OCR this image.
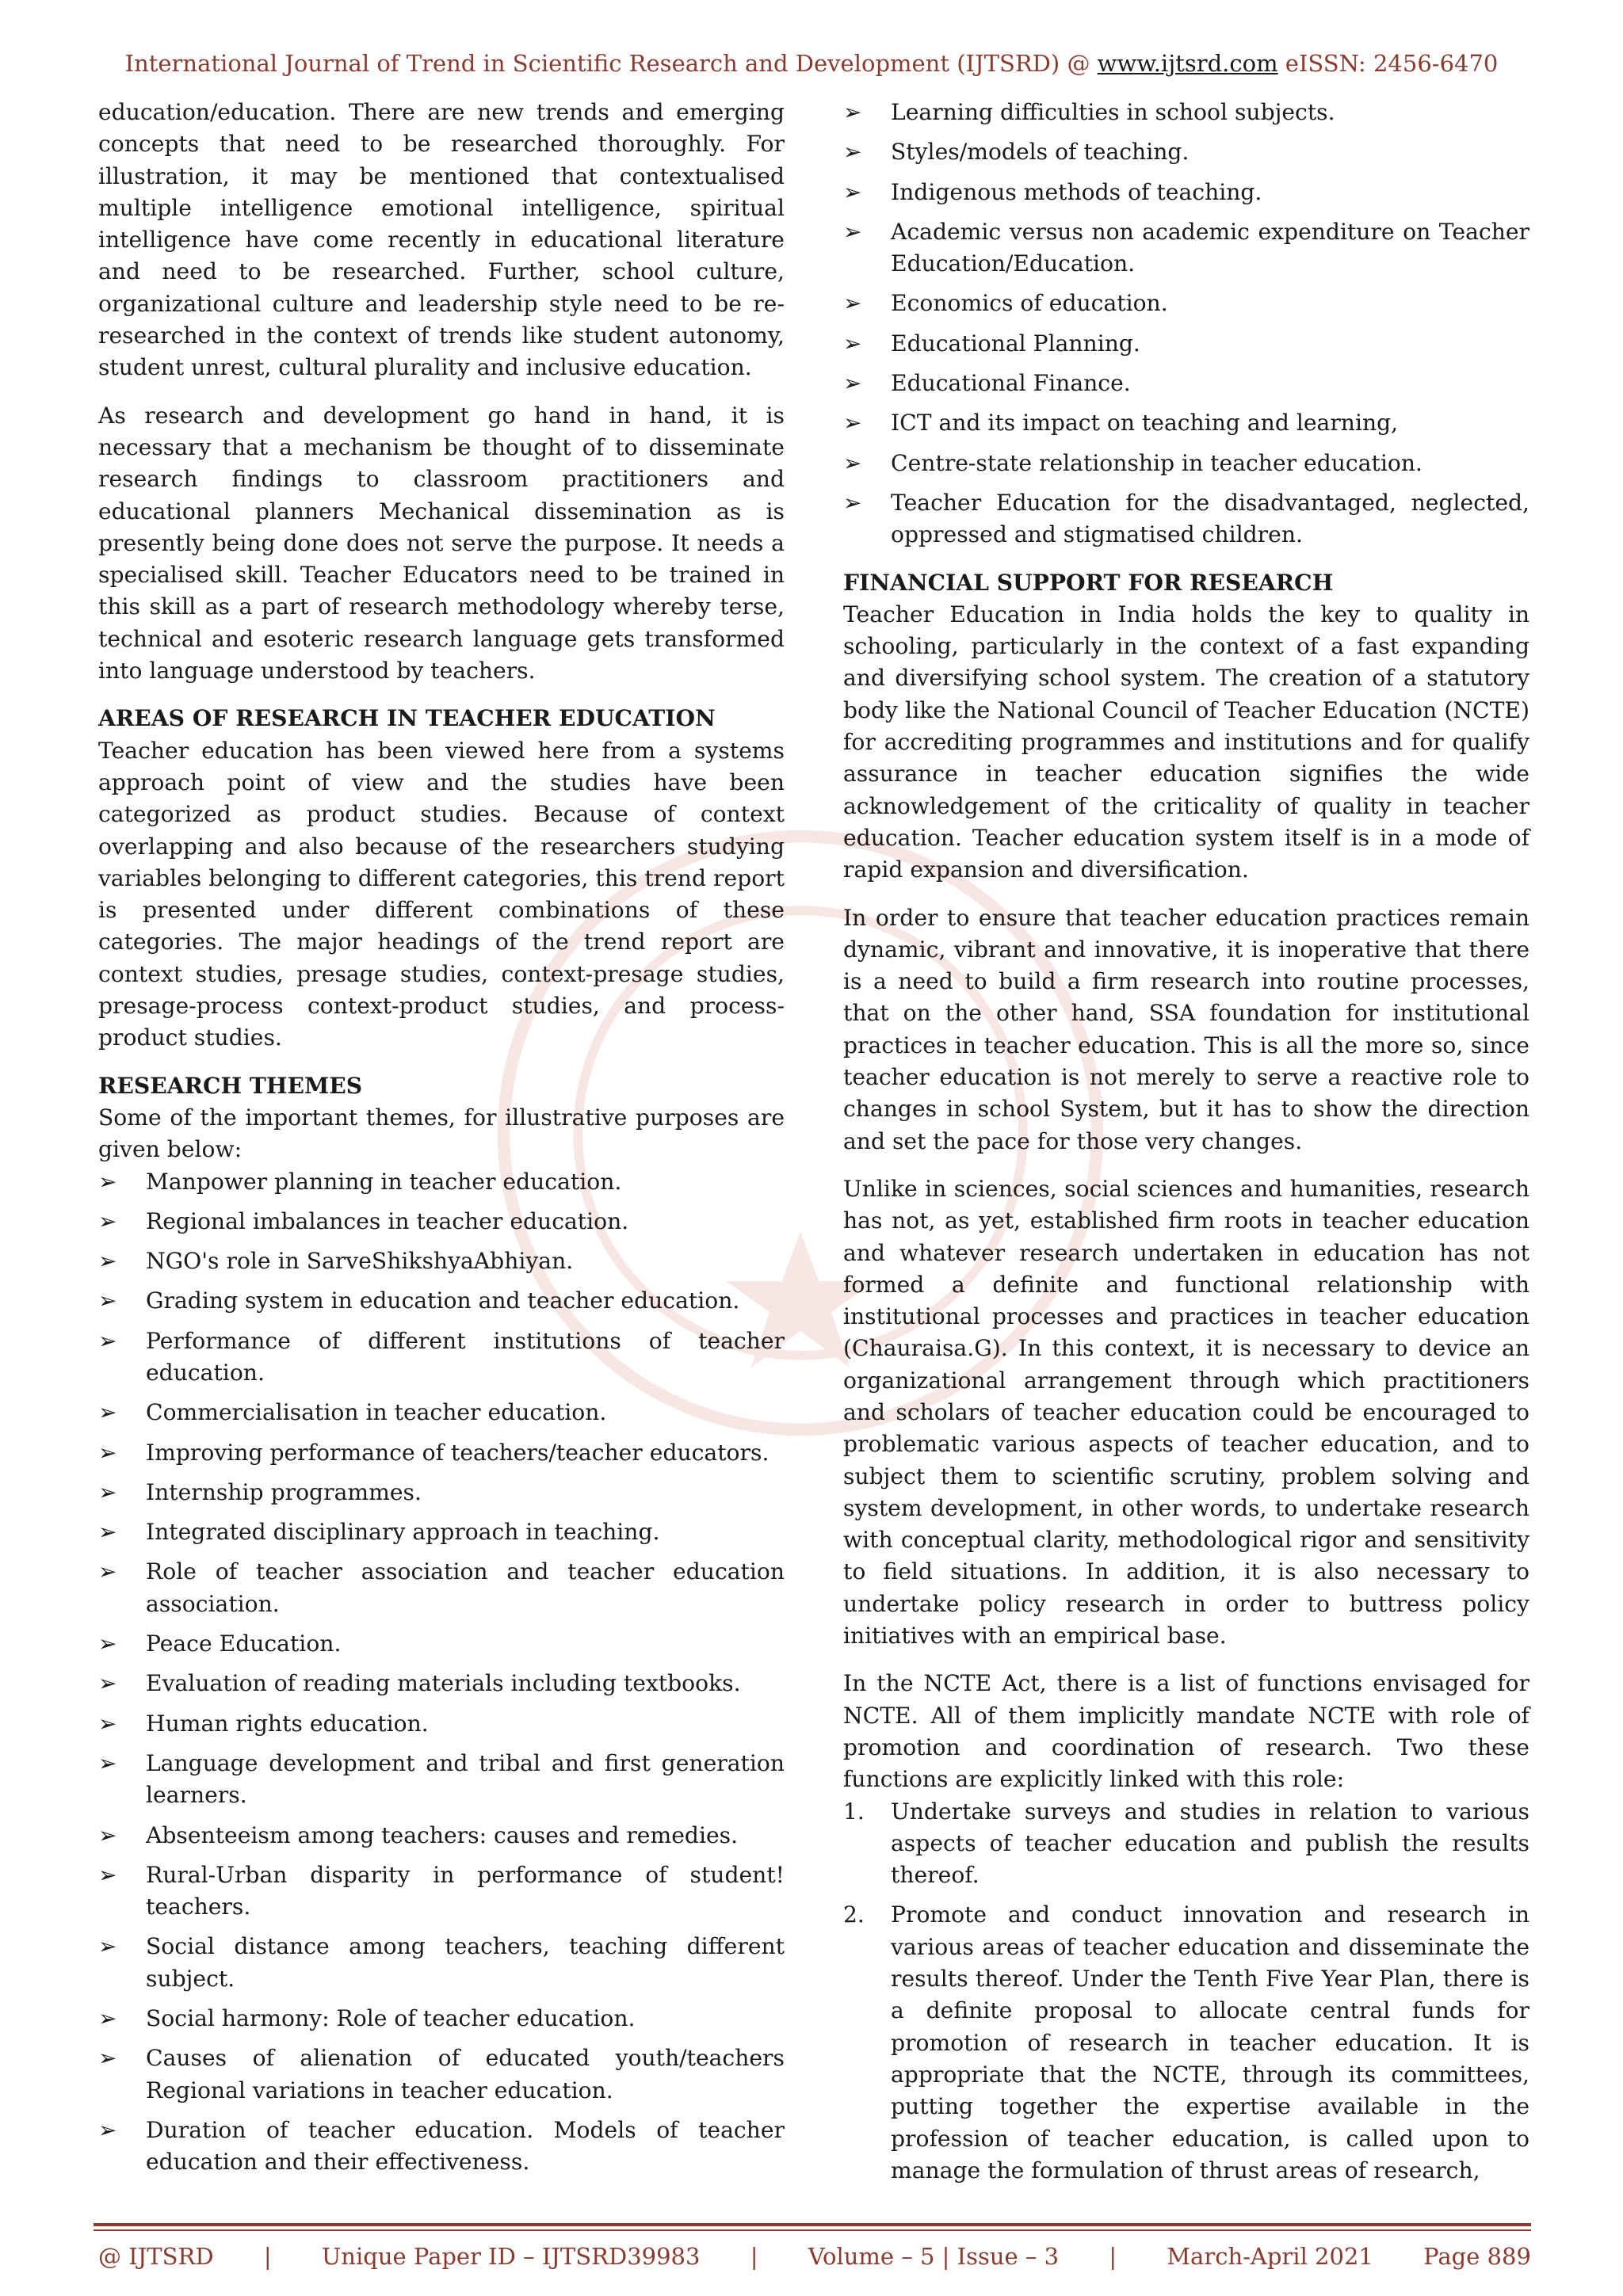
International Journal of Trend in Scientific Research and Development (IJTSRD) @ www.ijtsrd.com eISSN: 2456-6470

education/education. There are new trends and emerging concepts that need to be researched thoroughly. For illustration, it may be mentioned that contextualised multiple intelligence emotional intelligence, spiritual intelligence have come recently in educational literature and need to be researched. Further, school culture, organizational culture and leadership style need to be re-researched in the context of trends like student autonomy, student unrest, cultural plurality and inclusive education.

As research and development go hand in hand, it is necessary that a mechanism be thought of to disseminate research findings to classroom practitioners and educational planners Mechanical dissemination as is presently being done does not serve the purpose. It needs a specialised skill. Teacher Educators need to be trained in this skill as a part of research methodology whereby terse, technical and esoteric research language gets transformed into language understood by teachers.

AREAS OF RESEARCH IN TEACHER EDUCATION

Teacher education has been viewed here from a systems approach point of view and the studies have been categorized as product studies. Because of context overlapping and also because of the researchers studying variables belonging to different categories, this trend report is presented under different combinations of these categories. The major headings of the trend report are context studies, presage studies, context-presage studies, presage-process context-product studies, and process-product studies.

RESEARCH THEMES

Some of the important themes, for illustrative purposes are given below:

➢ Manpower planning in teacher education.
➢ Regional imbalances in teacher education.
➢ NGO's role in SarveShikshyaAbhiyan.
➢ Grading system in education and teacher education.
➢ Performance of different institutions of teacher education.
➢ Commercialisation in teacher education.
➢ Improving performance of teachers/teacher educators.
➢ Internship programmes.
➢ Integrated disciplinary approach in teaching.
➢ Role of teacher association and teacher education association.
➢ Peace Education.
➢ Evaluation of reading materials including textbooks.
➢ Human rights education.
➢ Language development and tribal and first generation learners.
➢ Absenteeism among teachers: causes and remedies.
➢ Rural-Urban disparity in performance of student! teachers.
➢ Social distance among teachers, teaching different subject.
➢ Social harmony: Role of teacher education.
➢ Causes of alienation of educated youth/teachers Regional variations in teacher education.
➢ Duration of teacher education. Models of teacher education and their effectiveness.
➢ Learning difficulties in school subjects.
➢ Styles/models of teaching.
➢ Indigenous methods of teaching.
➢ Academic versus non academic expenditure on Teacher Education/Education.
➢ Economics of education.
➢ Educational Planning.
➢ Educational Finance.
➢ ICT and its impact on teaching and learning,
➢ Centre-state relationship in teacher education.
➢ Teacher Education for the disadvantaged, neglected, oppressed and stigmatised children.
FINANCIAL SUPPORT FOR RESEARCH

Teacher Education in India holds the key to quality in schooling, particularly in the context of a fast expanding and diversifying school system. The creation of a statutory body like the National Council of Teacher Education (NCTE) for accrediting programmes and institutions and for qualify assurance in teacher education signifies the wide acknowledgement of the criticality of quality in teacher education. Teacher education system itself is in a mode of rapid expansion and diversification.

In order to ensure that teacher education practices remain dynamic, vibrant and innovative, it is inoperative that there is a need to build a firm research into routine processes, that on the other hand, SSA foundation for institutional practices in teacher education. This is all the more so, since teacher education is not merely to serve a reactive role to changes in school System, but it has to show the direction and set the pace for those very changes.

Unlike in sciences, social sciences and humanities, research has not, as yet, established firm roots in teacher education and whatever research undertaken in education has not formed a definite and functional relationship with institutional processes and practices in teacher education (Chauraisa.G). In this context, it is necessary to device an organizational arrangement through which practitioners and scholars of teacher education could be encouraged to problematic various aspects of teacher education, and to subject them to scientific scrutiny, problem solving and system development, in other words, to undertake research with conceptual clarity, methodological rigor and sensitivity to field situations. In addition, it is also necessary to undertake policy research in order to buttress policy initiatives with an empirical base.

In the NCTE Act, there is a list of functions envisaged for NCTE. All of them implicitly mandate NCTE with role of promotion and coordination of research. Two these functions are explicitly linked with this role:

1. Undertake surveys and studies in relation to various aspects of teacher education and publish the results thereof.
2. Promote and conduct innovation and research in various areas of teacher education and disseminate the results thereof. Under the Tenth Five Year Plan, there is a definite proposal to allocate central funds for promotion of research in teacher education. It is appropriate that the NCTE, through its committees, putting together the expertise available in the profession of teacher education, is called upon to manage the formulation of thrust areas of research,
@ IJTSRD | Unique Paper ID – IJTSRD39983 | Volume – 5 | Issue – 3 | March-April 2021 Page 889
